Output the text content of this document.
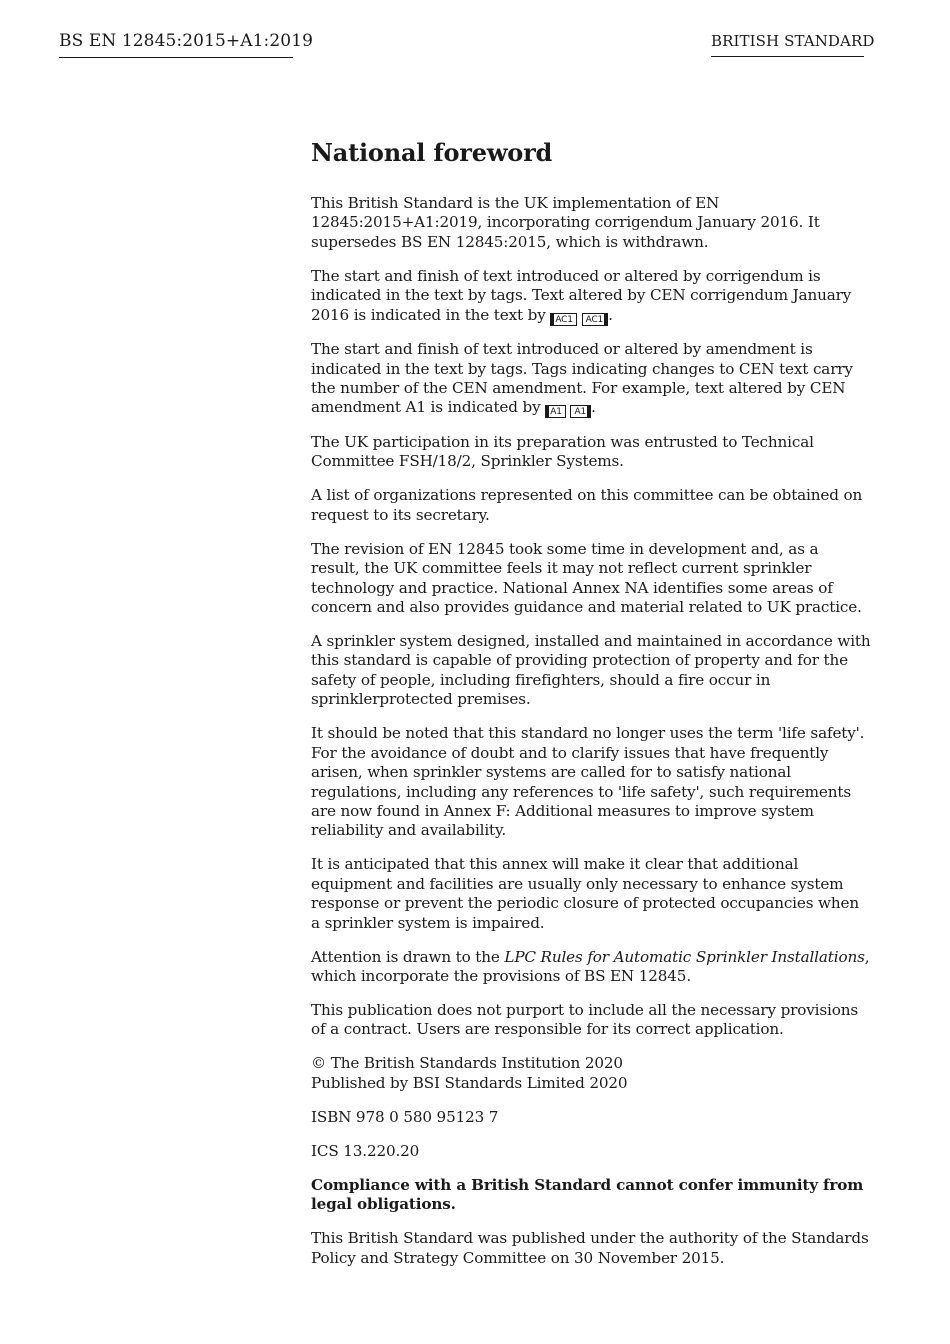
BS EN 12845:2015+A1:2019	BRITISH STANDARD
National foreword

This British Standard is the UK implementation of EN 12845:2015+A1:2019, incorporating corrigendum January 2016. It supersedes BS EN 12845:2015, which is withdrawn.

The start and finish of text introduced or altered by corrigendum is indicated in the text by tags. Text altered by CEN corrigendum January 2016 is indicated in the text by AC1 AC1 .

The start and finish of text introduced or altered by amendment is indicated in the text by tags. Tags indicating changes to CEN text carry the number of the CEN amendment. For example, text altered by CEN amendment A1 is indicated by A1 A1 .

The UK participation in its preparation was entrusted to Technical Committee FSH/18/2, Sprinkler Systems.

A list of organizations represented on this committee can be obtained on request to its secretary.

The revision of EN 12845 took some time in development and, as a result, the UK committee feels it may not reflect current sprinkler technology and practice. National Annex NA identifies some areas of concern and also provides guidance and material related to UK practice.

A sprinkler system designed, installed and maintained in accordance with this standard is capable of providing protection of property and for the safety of people, including firefighters, should a fire occur in sprinklerprotected premises.

It should be noted that this standard no longer uses the term 'life safety'. For the avoidance of doubt and to clarify issues that have frequently arisen, when sprinkler systems are called for to satisfy national regulations, including any references to 'life safety', such requirements are now found in Annex F: Additional measures to improve system reliability and availability.

It is anticipated that this annex will make it clear that additional equipment and facilities are usually only necessary to enhance system response or prevent the periodic closure of protected occupancies when a sprinkler system is impaired.

Attention is drawn to the LPC Rules for Automatic Sprinkler Installations, which incorporate the provisions of BS EN 12845.

This publication does not purport to include all the necessary provisions of a contract. Users are responsible for its correct application.

© The British Standards Institution 2020
Published by BSI Standards Limited 2020

ISBN 978 0 580 95123 7

ICS 13.220.20

Compliance with a British Standard cannot confer immunity from legal obligations.

This British Standard was published under the authority of the Standards Policy and Strategy Committee on 30 November 2015.
